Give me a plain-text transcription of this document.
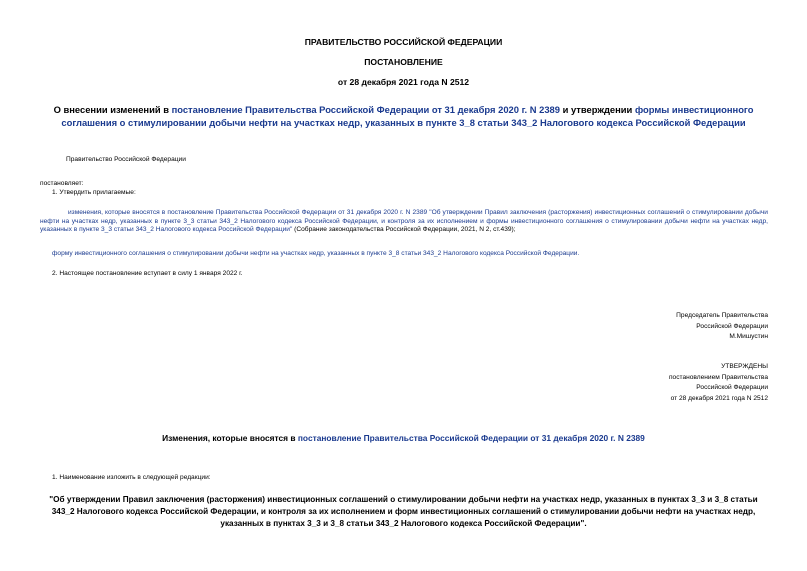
ПРАВИТЕЛЬСТВО РОССИЙСКОЙ ФЕДЕРАЦИИ
ПОСТАНОВЛЕНИЕ
от 28 декабря 2021 года N 2512
О внесении изменений в постановление Правительства Российской Федерации от 31 декабря 2020 г. N 2389 и утверждении формы инвестиционного соглашения о стимулировании добычи нефти на участках недр, указанных в пункте 3_8 статьи 343_2 Налогового кодекса Российской Федерации
Правительство Российской Федерации
постановляет:
1. Утвердить прилагаемые:
изменения, которые вносятся в постановление Правительства Российской Федерации от 31 декабря 2020 г. N 2389 "Об утверждении Правил заключения (расторжения) инвестиционных соглашений о стимулировании добычи нефти на участках недр, указанных в пункте 3_3 статьи 343_2 Налогового кодекса Российской Федерации, и контроля за их исполнением и формы инвестиционного соглашения о стимулировании добычи нефти на участках недр, указанных в пункте 3_3 статьи 343_2 Налогового кодекса Российской Федерации" (Собрание законодательства Российской Федерации, 2021, N 2, ст.439);
форму инвестиционного соглашения о стимулировании добычи нефти на участках недр, указанных в пункте 3_8 статьи 343_2 Налогового кодекса Российской Федерации.
2. Настоящее постановление вступает в силу 1 января 2022 г.
Председатель Правительства
Российской Федерации
М.Мишустин
УТВЕРЖДЕНЫ
постановлением Правительства
Российской Федерации
от 28 декабря 2021 года N 2512
Изменения, которые вносятся в постановление Правительства Российской Федерации от 31 декабря 2020 г. N 2389
1. Наименование изложить в следующей редакции:
"Об утверждении Правил заключения (расторжения) инвестиционных соглашений о стимулировании добычи нефти на участках недр, указанных в пунктах 3_3 и 3_8 статьи 343_2 Налогового кодекса Российской Федерации, и контроля за их исполнением и форм инвестиционных соглашений о стимулировании добычи нефти на участках недр, указанных в пунктах 3_3 и 3_8 статьи 343_2 Налогового кодекса Российской Федерации".
